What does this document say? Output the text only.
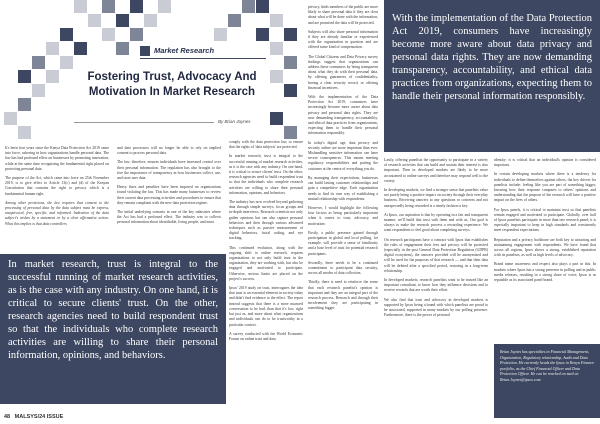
Market Research
Fostering Trust, Advocacy And Motivation In Market Research
By Brian Joynes

It's been four years since the Kenya Data Protection Act 2019 came into force, ushering in how organizations handle personal data. The law has had profound effect on businesses by promoting innovation, while at the same time recognizing the fundamental right placed on protecting personal data.

The purpose of the Act, which came into force on 25th November 2019, is to give effect to Article 31(c) and (d) of the Kenyan Constitution that contains the right to privacy which is a fundamental human right.

Among other provisions, the law requires that consent to the processing of personal data by the data subject must be express, unequivocal, free, specific, and informed. Indication of the data subject's wishes by a statement or by a clear affirmative action. What this implies is that data controllers

and data processors will no longer be able to rely on implied consent to process personal data.

The law, therefore, ensures individuals have increased control over their personal information. The regulation has also brought to the fore the importance of transparency in how businesses collect, use, and store user data.

Heavy fines and penalties have been imposed on organizations found violating the law. This has made many businesses to review their current data processing activities and procedures to ensure that they remain compliant with the new data protection regime.

The initial underlying scenario in one of the key industries where the Act has had a profound effect. The industry was to collects personal information about identifiable, living people, and must

comply with the data protection law, to ensure that the rights of 'data subjects' are protected.

In market research, trust is integral to the successful running of market research activities, as it is the case with any industry. On one hand, it is critical to secure clients' trust. On the other, research agencies need to build respondent trust so that the individuals who complete research activities are willing to share their personal information, opinions, and behaviors.

The industry has now evolved beyond gathering data through simple surveys, focus groups and in-depth interviews. Research scientists not only gather opinions but can also capture personal behaviors and then through various advanced techniques such as passive measurement of digital behaviors, facial coding, and eye tracking.

This continued evolution, along with the ongoing shift to online research, requires organizations to not only build trust in the organization, they are working with, but also be engaged and motivated to participate. Otherwise, serious limits are placed on the project's success.

Ipsos' 2019 study on trust, interrogates the idea that trust is an essential element in society today and didn't find evidence to the effect. The report instead suggests that there is a more nuanced conversation to be had, than that it's low, right but just as, and more about what organizations and individuals can do to be trustworthy in a particular context.

A survey conducted with the World Economic Forum on online trust and data

In market research, trust is integral to the successful running of market research activities, as is the case with any industry. On one hand, it is critical to secure clients' trust. On the other, research agencies need to build respondent trust so that the individuals who complete research activities are willing to share their personal information, opinions, and behaviors.
48 MALSYS/24 ISSUE
With the implementation of the Data Protection Act 2019, consumers have increasingly become more aware about data privacy and personal data rights. They are now demanding transparency, accountability, and ethical data practices from organizations, expecting them to handle their personal information responsibly.

privacy, finds members of the public are more likely to share personal data if they are clear about what will be done with the information, and are promised the data will be protected.

Subjects will also share personal information if they are already familiar or experienced with the organization in question and are offered some kind of compensation.

The Global Citizens and Data Privacy survey findings suggest that organizations can address these consumers by being transparent about what they do with their personal data, by offering guarantees of confidentiality, having a clear security record, or offering financial incentives.

With the implementation of the Data Protection Act 2019, consumers have increasingly become more aware about data privacy and personal data rights. They are now demanding transparency, accountability, and ethical data practices from organizations, expecting them to handle their personal information responsibly.

In today's digital age, data privacy and security online are more important than ever. Mishandling sensitive information can have severe consequences. This means meeting regulatory responsibilities and putting the customer at the centre of everything you do.

By managing their expectations, businesses can build lasting customer relationships and gain a competitive edge. Each organization needs to find its own way of establishing a mutual relationship with respondents.

However, I would highlight the following four factors as being particularly important when it comes to trust, advocacy, and motivation:

Firstly, a public presence gained through participation in global and local polling, for example, will provide a sense of familiarity and a base level of trust for potential research participants.

Secondly, there needs to be a continued commitment to participant data security, across all modes of data collection.

Thirdly, there is need to reinforce the sense that each research panelist's opinion is important and they are an integral part of the research process. Research and through their involvement they are participating in something bigger.

Lastly, offering panelists the opportunity to participate in a variety of research activities that can build and sustain their interest is also important. Then in developed markets are likely to be more accustomed to online surveys and therefore may respond well to the variety.

In developing markets, we find a stronger sense that panelists value not purely being a positive impact on society through their everyday business. Receiving answers to any questions or concerns and not unexpectedly being rewarded is a timely fashion is key.

At Ipsos, our aspiration is that by operating in a fair and transparent manner, we'll build that trust with them and with us. Our goal is always to make the research process a rewarding experience. We want respondents to feel good about completing surveys.

On research participants have a contract with Ipsos that establishes the rules of engagement their fees and privacy will be protected (especially in the post General Data Protection Regulation (GDPR) digital ecosystem), the answers provided will be anonymized and will be used for the purposes of that research — and that their data will be deleted after a specified period, restoring in a long-term relationship.

In developed markets, research panelists want to be trusted like an important consultant, to know how they influence decisions and to receive rewards that are worth their effort.

We also find that trust and advocacy in developed markets is supported by Ipsos being a brand with which panelists are proud to be associated, supported in many markets by our polling presence. Furthermore, there is the power of personal

identity: it is critical that an individual's opinion is considered important.

In certain developing markets where there is a tendency for individuals to define themselves against others, the key drivers for panelists include: feeling like you are part of something bigger, knowing how their response compares to others' opinions and understanding that the purpose of the research will have a positive impact on the lives of others.

For Ipsos panels, it is critical to maintain trust so that panelists remain engaged and motivated to participate. Globally, over half of Ipsos panelists participate in more than one research panel; it is especially important to keep in high standards and consistently meet respondent expectations.

Reputation and a privacy backbone are both key to attracting and maintaining engagement with respondents. We have found that across all regions, Ipsos shows a strong, established reputation with its panelists, as well as high levels of advocacy.

Brand name awareness and respect also plays a part in this. In markets where Ipsos has a strong presence in polling and in public media releases, resulting in a strong share of voice, Ipsos is as reputable as its associated panel brand.

Brian Joynes has specialties in Financial Management, Organization, Regulatory relationship, Audit and Data Protection. He currently heads the Ipsos in Kenya Finance portfolio, as the Chief Financial Officer and Data Protection Officer. He can be reached on mail at: Brian.Joynes@ipsos.com
